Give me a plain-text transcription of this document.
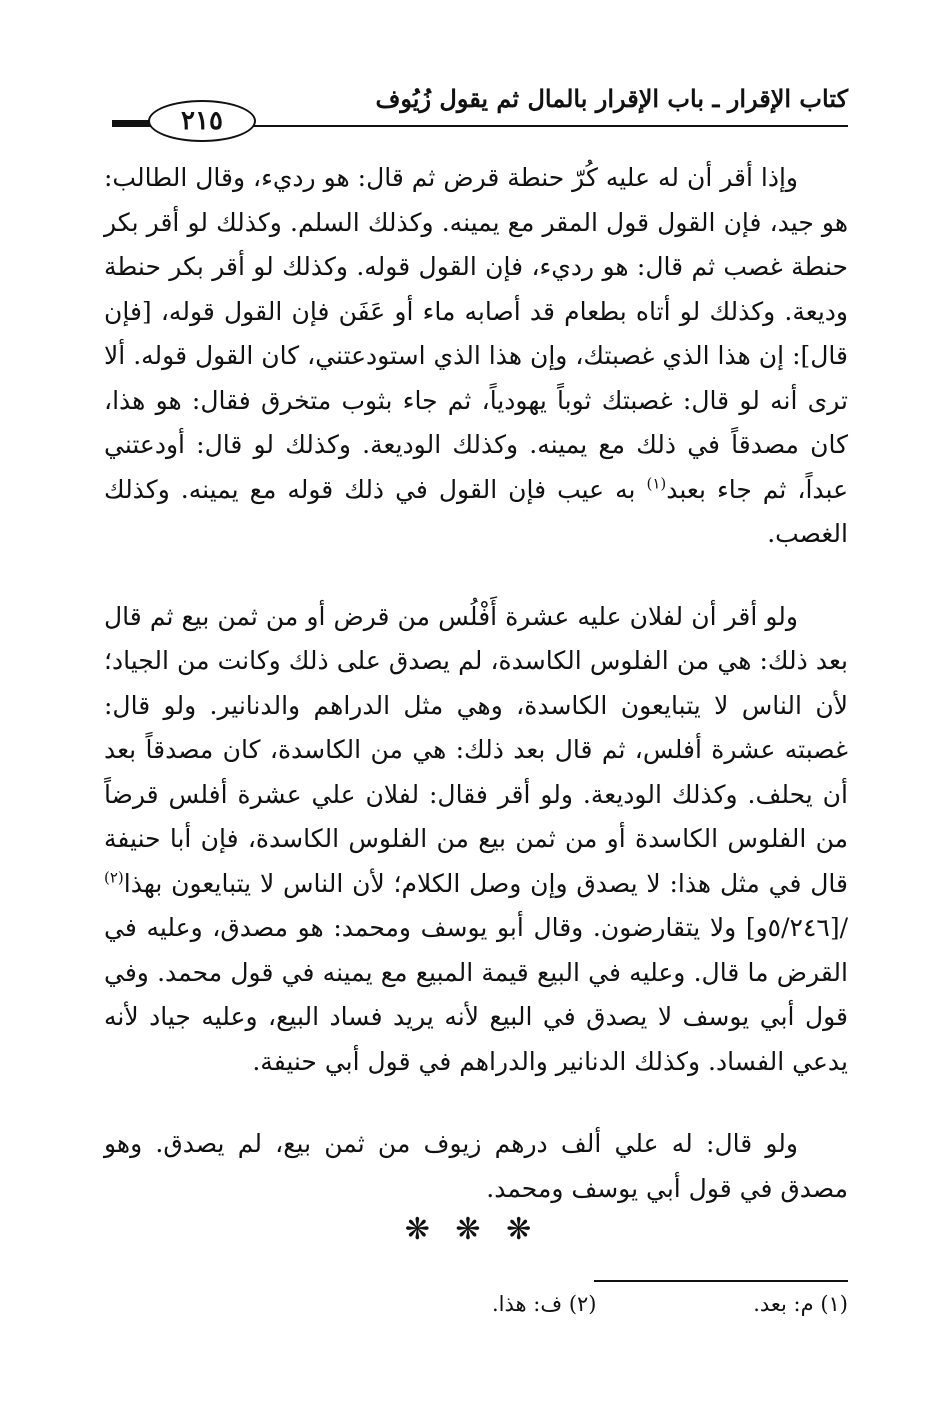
كتاب الإقرار ـ باب الإقرار بالمال ثم يقول زُيُوف
٢١٥

وإذا أقر أن له عليه كُرّ حنطة قرض ثم قال: هو رديء، وقال الطالب: هو جيد، فإن القول قول المقر مع يمينه. وكذلك السلم. وكذلك لو أقر بكر حنطة غصب ثم قال: هو رديء، فإن القول قوله. وكذلك لو أقر بكر حنطة وديعة. وكذلك لو أتاه بطعام قد أصابه ماء أو عَفَن فإن القول قوله، [فإن قال]: إن هذا الذي غصبتك، وإن هذا الذي استودعتني، كان القول قوله. ألا ترى أنه لو قال: غصبتك ثوباً يهودياً، ثم جاء بثوب متخرق فقال: هو هذا، كان مصدقاً في ذلك مع يمينه. وكذلك الوديعة. وكذلك لو قال: أودعتني عبداً، ثم جاء بعبد$^{(١)}$ به عيب فإن القول في ذلك قوله مع يمينه. وكذلك الغصب.

ولو أقر أن لفلان عليه عشرة أَفْلُس من قرض أو من ثمن بيع ثم قال بعد ذلك: هي من الفلوس الكاسدة، لم يصدق على ذلك وكانت من الجياد؛ لأن الناس لا يتبايعون الكاسدة، وهي مثل الدراهم والدنانير. ولو قال: غصبته عشرة أفلس، ثم قال بعد ذلك: هي من الكاسدة، كان مصدقاً بعد أن يحلف. وكذلك الوديعة. ولو أقر فقال: لفلان علي عشرة أفلس قرضاً من الفلوس الكاسدة أو من ثمن بيع من الفلوس الكاسدة، فإن أبا حنيفة قال في مثل هذا: لا يصدق وإن وصل الكلام؛ لأن الناس لا يتبايعون بهذا$^{(٢)}$ /[٥/٢٤٦و] ولا يتقارضون. وقال أبو يوسف ومحمد: هو مصدق، وعليه في القرض ما قال. وعليه في البيع قيمة المبيع مع يمينه في قول محمد. وفي قول أبي يوسف لا يصدق في البيع لأنه يريد فساد البيع، وعليه جياد لأنه يدعي الفساد. وكذلك الدنانير والدراهم في قول أبي حنيفة.

ولو قال: له علي ألف درهم زيوف من ثمن بيع، لم يصدق. وهو مصدق في قول أبي يوسف ومحمد.

❋ ❋ ❋
(١) م: بعد. (٢) ف: هذا.
